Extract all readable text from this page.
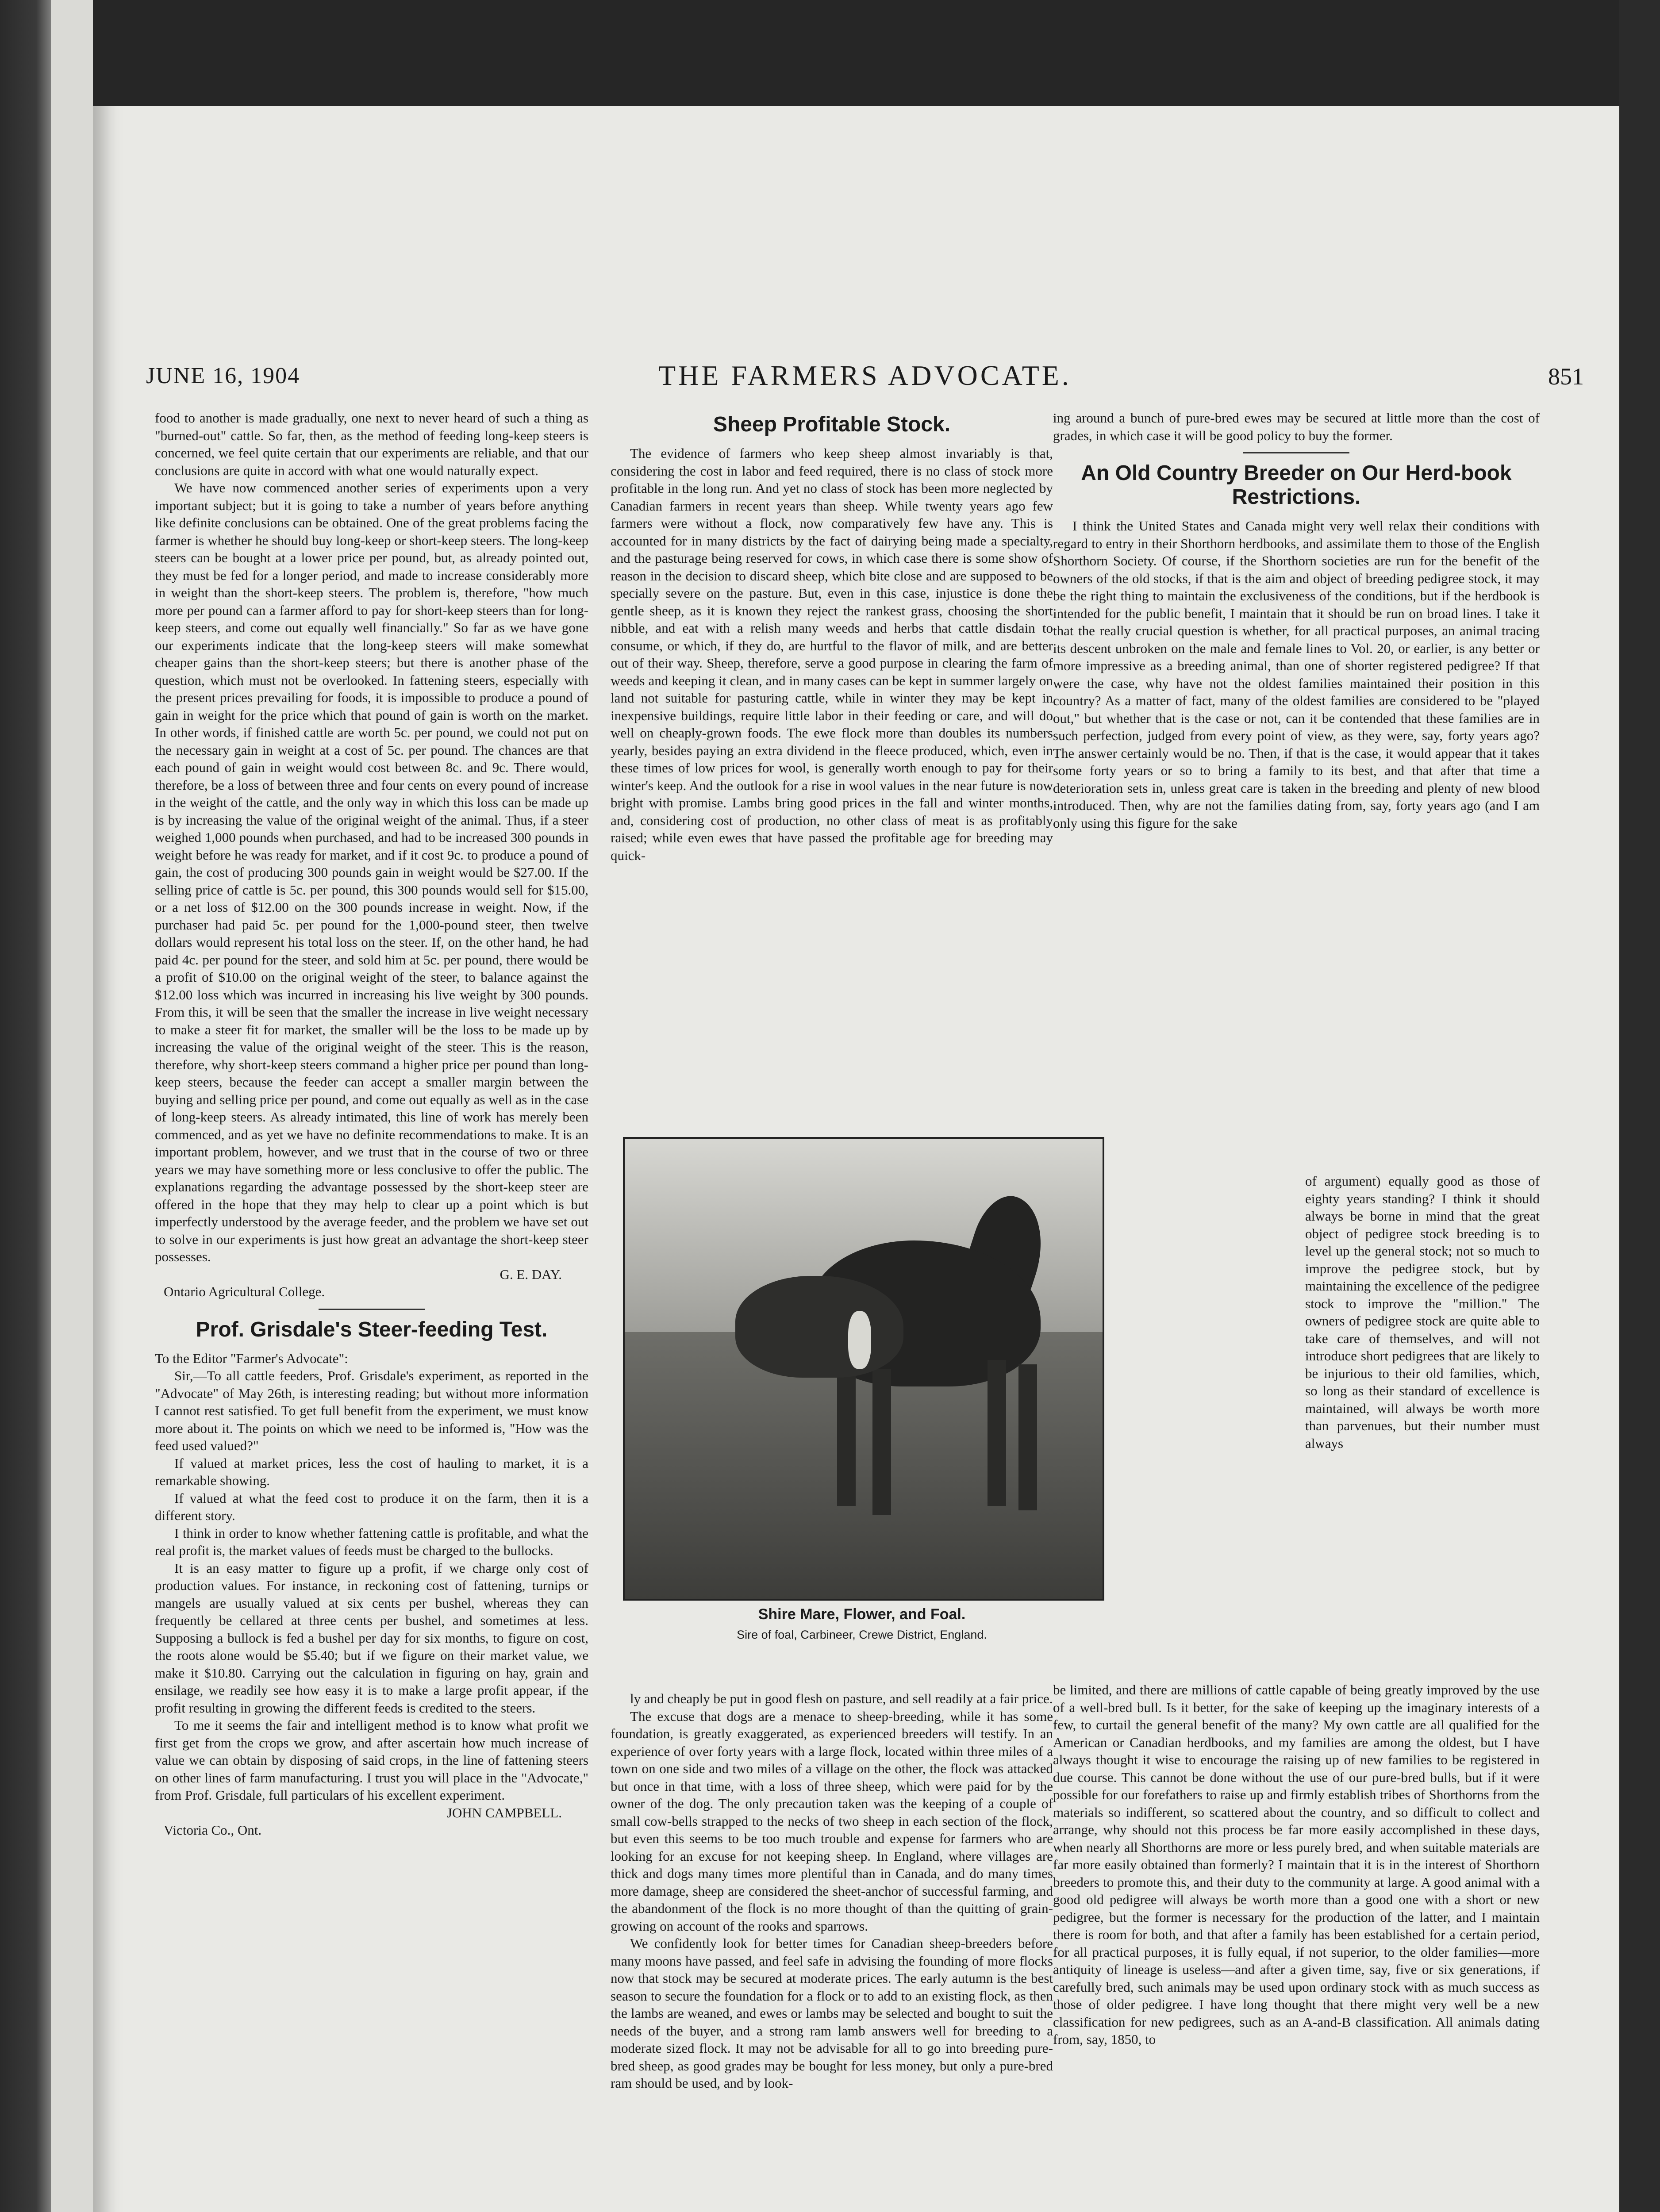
JUNE 16, 1904	THE FARMERS ADVOCATE.	851

food to another is made gradually, one next to never heard of such a thing as "burned-out" cattle. So far, then, as the method of feeding long-keep steers is concerned, we feel quite certain that our experiments are reliable, and that our conclusions are quite in accord with what one would naturally expect.

We have now commenced another series of experiments upon a very important subject; but it is going to take a number of years before anything like definite conclusions can be obtained. One of the great problems facing the farmer is whether he should buy long-keep or short-keep steers. The long-keep steers can be bought at a lower price per pound, but, as already pointed out, they must be fed for a longer period, and made to increase considerably more in weight than the short-keep steers. The problem is, therefore, "how much more per pound can a farmer afford to pay for short-keep steers than for long-keep steers, and come out equally well financially." So far as we have gone our experiments indicate that the long-keep steers will make somewhat cheaper gains than the short-keep steers; but there is another phase of the question, which must not be overlooked. In fattening steers, especially with the present prices prevailing for foods, it is impossible to produce a pound of gain in weight for the price which that pound of gain is worth on the market. In other words, if finished cattle are worth 5c. per pound, we could not put on the necessary gain in weight at a cost of 5c. per pound. The chances are that each pound of gain in weight would cost between 8c. and 9c. There would, therefore, be a loss of between three and four cents on every pound of increase in the weight of the cattle, and the only way in which this loss can be made up is by increasing the value of the original weight of the animal. Thus, if a steer weighed 1,000 pounds when purchased, and had to be increased 300 pounds in weight before he was ready for market, and if it cost 9c. to produce a pound of gain, the cost of producing 300 pounds gain in weight would be $27.00. If the selling price of cattle is 5c. per pound, this 300 pounds would sell for $15.00, or a net loss of $12.00 on the 300 pounds increase in weight. Now, if the purchaser had paid 5c. per pound for the 1,000-pound steer, then twelve dollars would represent his total loss on the steer. If, on the other hand, he had paid 4c. per pound for the steer, and sold him at 5c. per pound, there would be a profit of $10.00 on the original weight of the steer, to balance against the $12.00 loss which was incurred in increasing his live weight by 300 pounds. From this, it will be seen that the smaller the increase in live weight necessary to make a steer fit for market, the smaller will be the loss to be made up by increasing the value of the original weight of the steer. This is the reason, therefore, why short-keep steers command a higher price per pound than long-keep steers, because the feeder can accept a smaller margin between the buying and selling price per pound, and come out equally as well as in the case of long-keep steers. As already intimated, this line of work has merely been commenced, and as yet we have no definite recommendations to make. It is an important problem, however, and we trust that in the course of two or three years we may have something more or less conclusive to offer the public. The explanations regarding the advantage possessed by the short-keep steer are offered in the hope that they may help to clear up a point which is but imperfectly understood by the average feeder, and the problem we have set out to solve in our experiments is just how great an advantage the short-keep steer possesses.

G. E. DAY.
Ontario Agricultural College.
Prof. Grisdale's Steer-feeding Test.

To the Editor "Farmer's Advocate":

Sir,—To all cattle feeders, Prof. Grisdale's experiment, as reported in the "Advocate" of May 26th, is interesting reading; but without more information I cannot rest satisfied. To get full benefit from the experiment, we must know more about it. The points on which we need to be informed is, "How was the feed used valued?"

If valued at market prices, less the cost of hauling to market, it is a remarkable showing.

If valued at what the feed cost to produce it on the farm, then it is a different story.

I think in order to know whether fattening cattle is profitable, and what the real profit is, the market values of feeds must be charged to the bullocks.

It is an easy matter to figure up a profit, if we charge only cost of production values. For instance, in reckoning cost of fattening, turnips or mangels are usually valued at six cents per bushel, whereas they can frequently be cellared at three cents per bushel, and sometimes at less. Supposing a bullock is fed a bushel per day for six months, to figure on cost, the roots alone would be $5.40; but if we figure on their market value, we make it $10.80. Carrying out the calculation in figuring on hay, grain and ensilage, we readily see how easy it is to make a large profit appear, if the profit resulting in growing the different feeds is credited to the steers.

To me it seems the fair and intelligent method is to know what profit we first get from the crops we grow, and after ascertain how much increase of value we can obtain by disposing of said crops, in the line of fattening steers on other lines of farm manufacturing. I trust you will place in the "Advocate," from Prof. Grisdale, full particulars of his excellent experiment.

JOHN CAMPBELL.
Victoria Co., Ont.
Sheep Profitable Stock.

The evidence of farmers who keep sheep almost invariably is that, considering the cost in labor and feed required, there is no class of stock more profitable in the long run. And yet no class of stock has been more neglected by Canadian farmers in recent years than sheep. While twenty years ago few farmers were without a flock, now comparatively few have any. This is accounted for in many districts by the fact of dairying being made a specialty, and the pasturage being reserved for cows, in which case there is some show of reason in the decision to discard sheep, which bite close and are supposed to be specially severe on the pasture. But, even in this case, injustice is done the gentle sheep, as it is known they reject the rankest grass, choosing the short nibble, and eat with a relish many weeds and herbs that cattle disdain to consume, or which, if they do, are hurtful to the flavor of milk, and are better out of their way. Sheep, therefore, serve a good purpose in clearing the farm of weeds and keeping it clean, and in many cases can be kept in summer largely on land not suitable for pasturing cattle, while in winter they may be kept in inexpensive buildings, require little labor in their feeding or care, and will do well on cheaply-grown foods. The ewe flock more than doubles its numbers yearly, besides paying an extra dividend in the fleece produced, which, even in these times of low prices for wool, is generally worth enough to pay for their winter's keep. And the outlook for a rise in wool values in the near future is now bright with promise. Lambs bring good prices in the fall and winter months, and, considering cost of production, no other class of meat is as profitably raised; while even ewes that have passed the profitable age for breeding may quick-

Shire Mare, Flower, and Foal.
Sire of foal, Carbineer, Crewe District, England.

ly and cheaply be put in good flesh on pasture, and sell readily at a fair price.

The excuse that dogs are a menace to sheep-breeding, while it has some foundation, is greatly exaggerated, as experienced breeders will testify. In an experience of over forty years with a large flock, located within three miles of a town on one side and two miles of a village on the other, the flock was attacked but once in that time, with a loss of three sheep, which were paid for by the owner of the dog. The only precaution taken was the keeping of a couple of small cow-bells strapped to the necks of two sheep in each section of the flock, but even this seems to be too much trouble and expense for farmers who are looking for an excuse for not keeping sheep. In England, where villages are thick and dogs many times more plentiful than in Canada, and do many times more damage, sheep are considered the sheet-anchor of successful farming, and the abandonment of the flock is no more thought of than the quitting of grain-growing on account of the rooks and sparrows.

We confidently look for better times for Canadian sheep-breeders before many moons have passed, and feel safe in advising the founding of more flocks now that stock may be secured at moderate prices. The early autumn is the best season to secure the foundation for a flock or to add to an existing flock, as then the lambs are weaned, and ewes or lambs may be selected and bought to suit the needs of the buyer, and a strong ram lamb answers well for breeding to a moderate sized flock. It may not be advisable for all to go into breeding pure-bred sheep, as good grades may be bought for less money, but only a pure-bred ram should be used, and by look-

ing around a bunch of pure-bred ewes may be secured at little more than the cost of grades, in which case it will be good policy to buy the former.

An Old Country Breeder on Our Herd-book Restrictions.

I think the United States and Canada might very well relax their conditions with regard to entry in their Shorthorn herdbooks, and assimilate them to those of the English Shorthorn Society. Of course, if the Shorthorn societies are run for the benefit of the owners of the old stocks, if that is the aim and object of breeding pedigree stock, it may be the right thing to maintain the exclusiveness of the conditions, but if the herdbook is intended for the public benefit, I maintain that it should be run on broad lines. I take it that the really crucial question is whether, for all practical purposes, an animal tracing its descent unbroken on the male and female lines to Vol. 20, or earlier, is any better or more impressive as a breeding animal, than one of shorter registered pedigree? If that were the case, why have not the oldest families maintained their position in this country? As a matter of fact, many of the oldest families are considered to be "played out," but whether that is the case or not, can it be contended that these families are in such perfection, judged from every point of view, as they were, say, forty years ago? The answer certainly would be no. Then, if that is the case, it would appear that it takes some forty years or so to bring a family to its best, and that after that time a deterioration sets in, unless great care is taken in the breeding and plenty of new blood introduced. Then, why are not the families dating from, say, forty years ago (and I am only using this figure for the sake

of argument) equally good as those of eighty years standing? I think it should always be borne in mind that the great object of pedigree stock breeding is to level up the general stock; not so much to improve the pedigree stock, but by maintaining the excellence of the pedigree stock to improve the "million." The owners of pedigree stock are quite able to take care of themselves, and will not introduce short pedigrees that are likely to be injurious to their old families, which, so long as their standard of excellence is maintained, will always be worth more than parvenues, but their number must always

be limited, and there are millions of cattle capable of being greatly improved by the use of a well-bred bull. Is it better, for the sake of keeping up the imaginary interests of a few, to curtail the general benefit of the many? My own cattle are all qualified for the American or Canadian herdbooks, and my families are among the oldest, but I have always thought it wise to encourage the raising up of new families to be registered in due course. This cannot be done without the use of our pure-bred bulls, but if it were possible for our forefathers to raise up and firmly establish tribes of Shorthorns from the materials so indifferent, so scattered about the country, and so difficult to collect and arrange, why should not this process be far more easily accomplished in these days, when nearly all Shorthorns are more or less purely bred, and when suitable materials are far more easily obtained than formerly? I maintain that it is in the interest of Shorthorn breeders to promote this, and their duty to the community at large. A good animal with a good old pedigree will always be worth more than a good one with a short or new pedigree, but the former is necessary for the production of the latter, and I maintain there is room for both, and that after a family has been established for a certain period, for all practical purposes, it is fully equal, if not superior, to the older families—more antiquity of lineage is useless—and after a given time, say, five or six generations, if carefully bred, such animals may be used upon ordinary stock with as much success as those of older pedigree. I have long thought that there might very well be a new classification for new pedigrees, such as an A-and-B classification. All animals dating from, say, 1850, to
